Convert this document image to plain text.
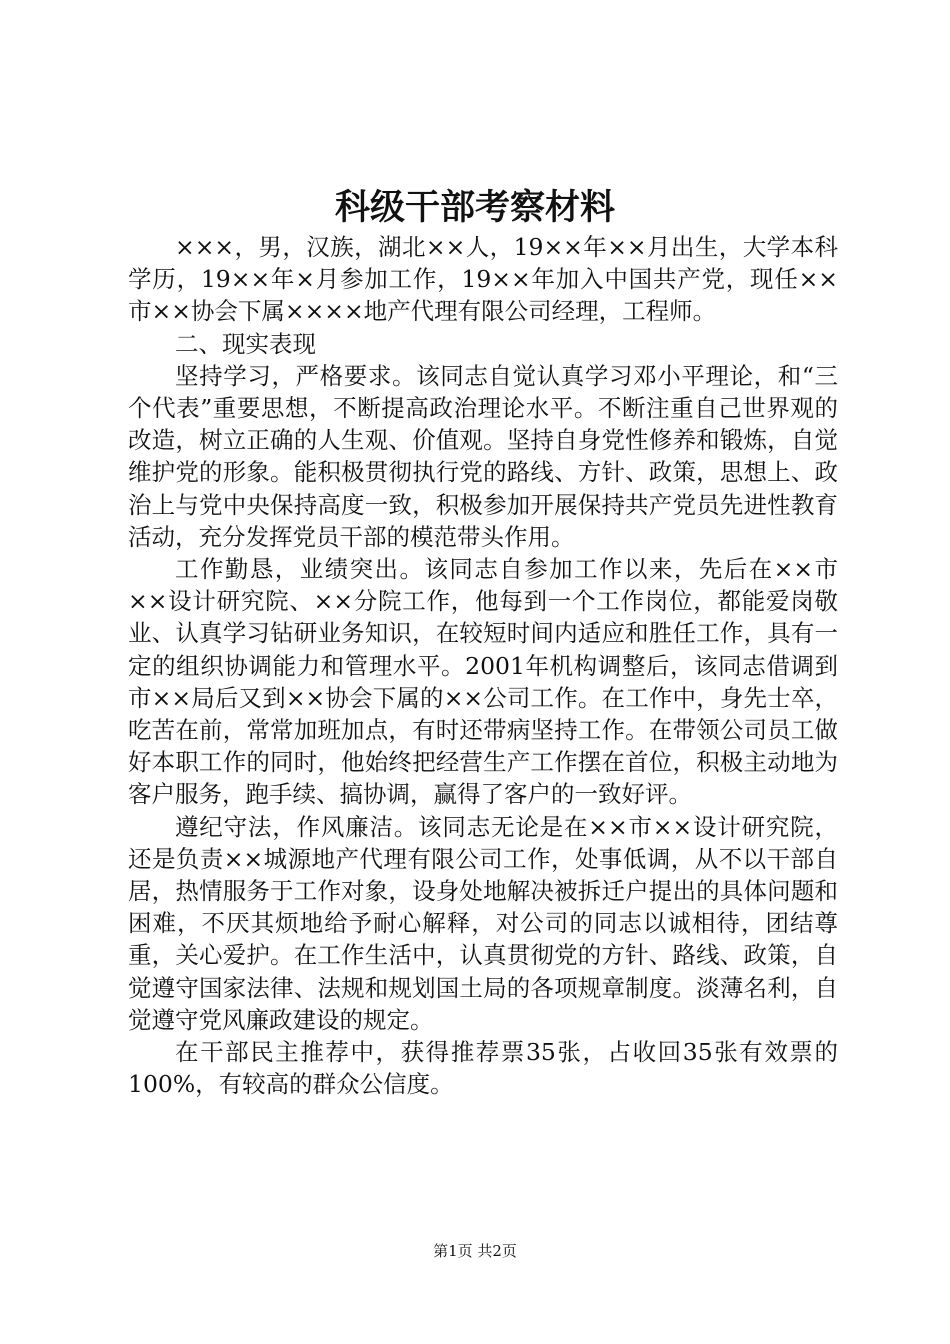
科级干部考察材料

×××，男，汉族，湖北××人，19××年××月出生，大学本科学历，19××年×月参加工作，19××年加入中国共产党，现任××市××协会下属××××地产代理有限公司经理，工程师。

二、现实表现

坚持学习，严格要求。该同志自觉认真学习邓小平理论，和“三个代表”重要思想，不断提高政治理论水平。不断注重自己世界观的改造，树立正确的人生观、价值观。坚持自身党性修养和锻炼，自觉维护党的形象。能积极贯彻执行党的路线、方针、政策，思想上、政治上与党中央保持高度一致，积极参加开展保持共产党员先进性教育活动，充分发挥党员干部的模范带头作用。

工作勤恳，业绩突出。该同志自参加工作以来，先后在××市××设计研究院、××分院工作，他每到一个工作岗位，都能爱岗敬业、认真学习钻研业务知识，在较短时间内适应和胜任工作，具有一定的组织协调能力和管理水平。2001年机构调整后，该同志借调到市××局后又到××协会下属的××公司工作。在工作中，身先士卒，吃苦在前，常常加班加点，有时还带病坚持工作。在带领公司员工做好本职工作的同时，他始终把经营生产工作摆在首位，积极主动地为客户服务，跑手续、搞协调，赢得了客户的一致好评。

遵纪守法，作风廉洁。该同志无论是在××市××设计研究院，还是负责××城源地产代理有限公司工作，处事低调，从不以干部自居，热情服务于工作对象，设身处地解决被拆迁户提出的具体问题和困难，不厌其烦地给予耐心解释，对公司的同志以诚相待，团结尊重，关心爱护。在工作生活中，认真贯彻党的方针、路线、政策，自觉遵守国家法律、法规和规划国土局的各项规章制度。淡薄名利，自觉遵守党风廉政建设的规定。

在干部民主推荐中，获得推荐票35张，占收回35张有效票的100%，有较高的群众公信度。

第1页 共2页
